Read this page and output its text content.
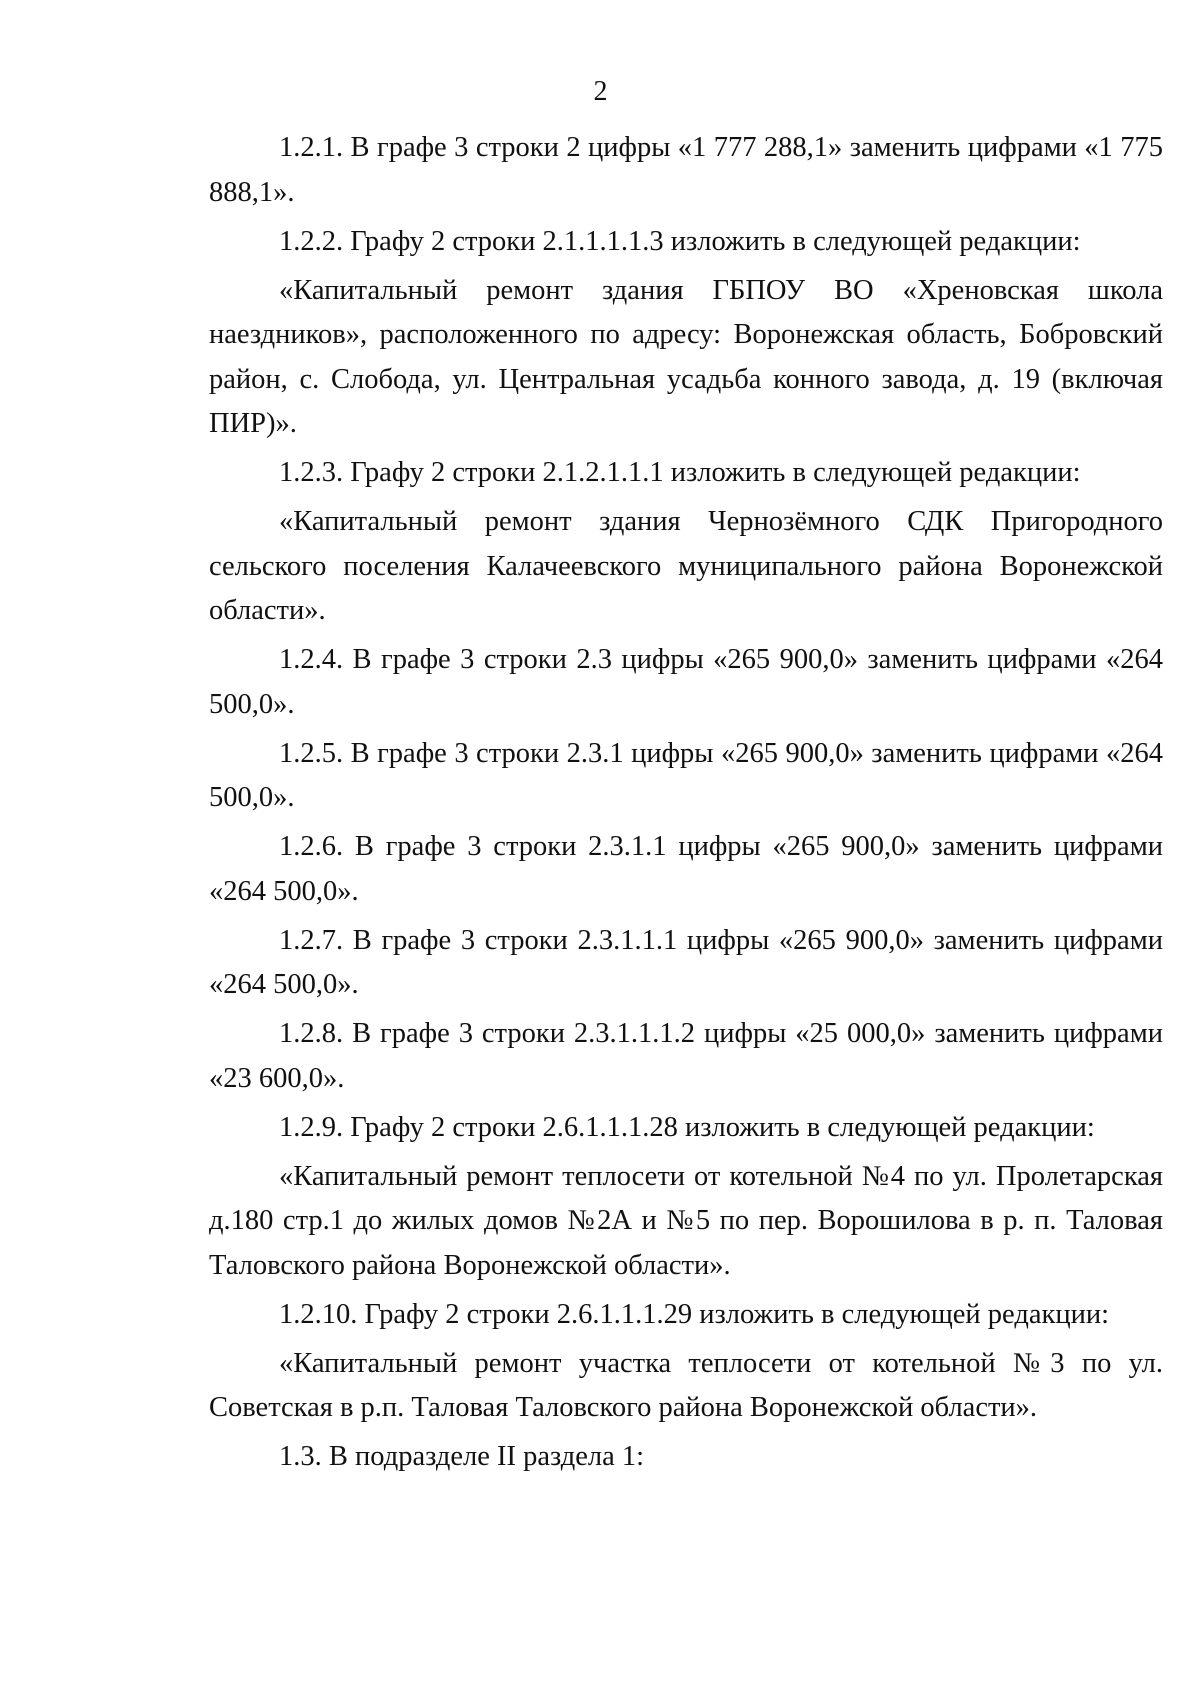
2

1.2.1. В графе 3 строки 2 цифры «1 777 288,1» заменить цифрами «1 775 888,1».

1.2.2. Графу 2 строки 2.1.1.1.1.3 изложить в следующей редакции:

«Капитальный ремонт здания ГБПОУ ВО «Хреновская школа наездников», расположенного по адресу: Воронежская область, Бобровский район, с. Слобода, ул. Центральная усадьба конного завода, д. 19 (включая ПИР)».

1.2.3. Графу 2 строки 2.1.2.1.1.1 изложить в следующей редакции:

«Капитальный ремонт здания Чернозёмного СДК Пригородного сельского поселения Калачеевского муниципального района Воронежской области».

1.2.4. В графе 3 строки 2.3 цифры «265 900,0» заменить цифрами «264 500,0».

1.2.5. В графе 3 строки 2.3.1 цифры «265 900,0» заменить цифрами «264 500,0».

1.2.6. В графе 3 строки 2.3.1.1 цифры «265 900,0» заменить цифрами «264 500,0».

1.2.7. В графе 3 строки 2.3.1.1.1 цифры «265 900,0» заменить цифрами «264 500,0».

1.2.8. В графе 3 строки 2.3.1.1.1.2 цифры «25 000,0» заменить цифрами «23 600,0».

1.2.9. Графу 2 строки 2.6.1.1.1.28 изложить в следующей редакции:

«Капитальный ремонт теплосети от котельной №4 по ул. Пролетарская д.180 стр.1 до жилых домов №2А и №5 по пер. Ворошилова в р. п. Таловая Таловского района Воронежской области».

1.2.10. Графу 2 строки 2.6.1.1.1.29 изложить в следующей редакции:

«Капитальный ремонт участка теплосети от котельной №3 по ул. Советская в р.п. Таловая Таловского района Воронежской области».

1.3. В подразделе II раздела 1:
